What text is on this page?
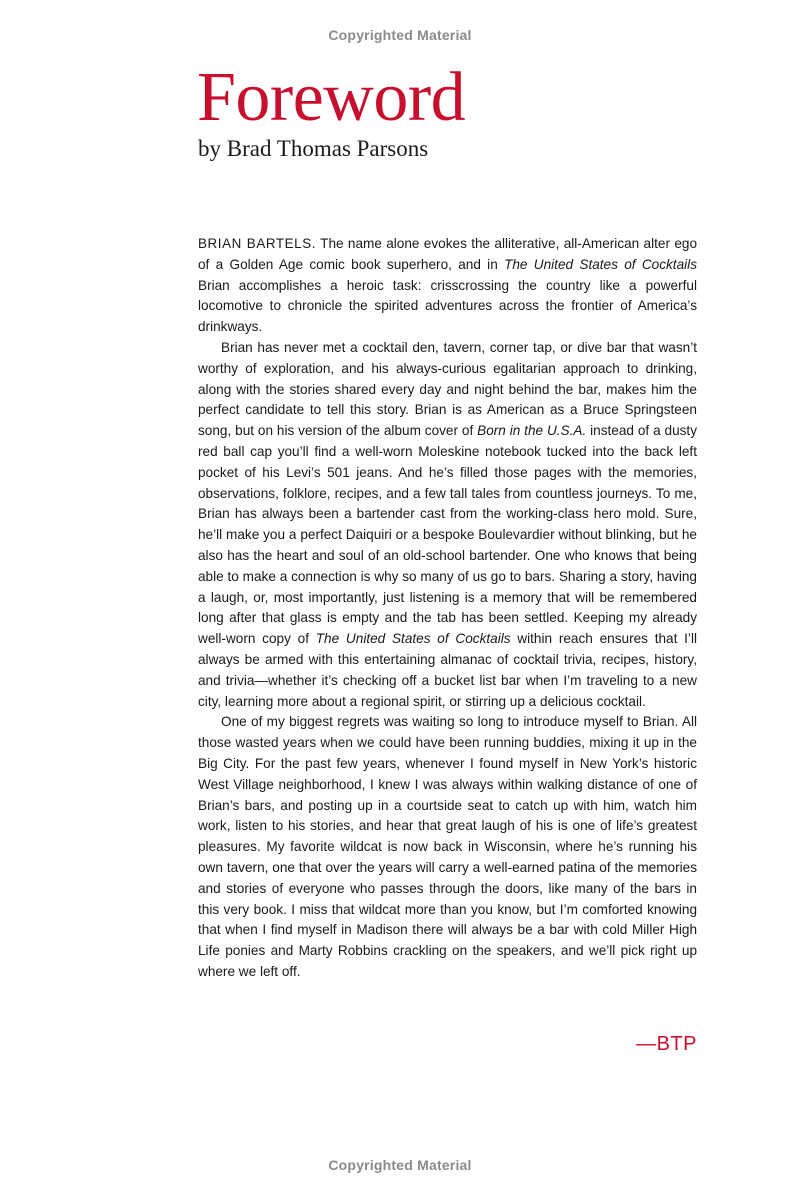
Copyrighted Material
Foreword
by Brad Thomas Parsons

BRIAN BARTELS. The name alone evokes the alliterative, all-American alter ego of a Golden Age comic book superhero, and in The United States of Cocktails Brian accomplishes a heroic task: crisscrossing the country like a powerful locomotive to chronicle the spirited adventures across the frontier of America’s drinkways.

Brian has never met a cocktail den, tavern, corner tap, or dive bar that wasn’t worthy of exploration, and his always-curious egalitarian approach to drinking, along with the stories shared every day and night behind the bar, makes him the perfect candidate to tell this story. Brian is as American as a Bruce Springsteen song, but on his version of the album cover of Born in the U.S.A. instead of a dusty red ball cap you’ll find a well-worn Moleskine notebook tucked into the back left pocket of his Levi’s 501 jeans. And he’s filled those pages with the memories, observations, folklore, recipes, and a few tall tales from countless journeys. To me, Brian has always been a bartender cast from the working-class hero mold. Sure, he’ll make you a perfect Daiquiri or a bespoke Boulevardier without blinking, but he also has the heart and soul of an old-school bartender. One who knows that being able to make a connection is why so many of us go to bars. Sharing a story, having a laugh, or, most importantly, just listening is a memory that will be remembered long after that glass is empty and the tab has been settled. Keeping my already well-worn copy of The United States of Cocktails within reach ensures that I’ll always be armed with this entertaining almanac of cocktail trivia, recipes, history, and trivia—whether it’s checking off a bucket list bar when I’m traveling to a new city, learning more about a regional spirit, or stirring up a delicious cocktail.

One of my biggest regrets was waiting so long to introduce myself to Brian. All those wasted years when we could have been running buddies, mixing it up in the Big City. For the past few years, whenever I found myself in New York’s historic West Village neighborhood, I knew I was always within walking distance of one of Brian’s bars, and posting up in a courtside seat to catch up with him, watch him work, listen to his stories, and hear that great laugh of his is one of life’s greatest pleasures. My favorite wildcat is now back in Wisconsin, where he’s running his own tavern, one that over the years will carry a well-earned patina of the memories and stories of everyone who passes through the doors, like many of the bars in this very book. I miss that wildcat more than you know, but I’m comforted knowing that when I find myself in Madison there will always be a bar with cold Miller High Life ponies and Marty Robbins crackling on the speakers, and we’ll pick right up where we left off.

—BTP
Copyrighted Material
